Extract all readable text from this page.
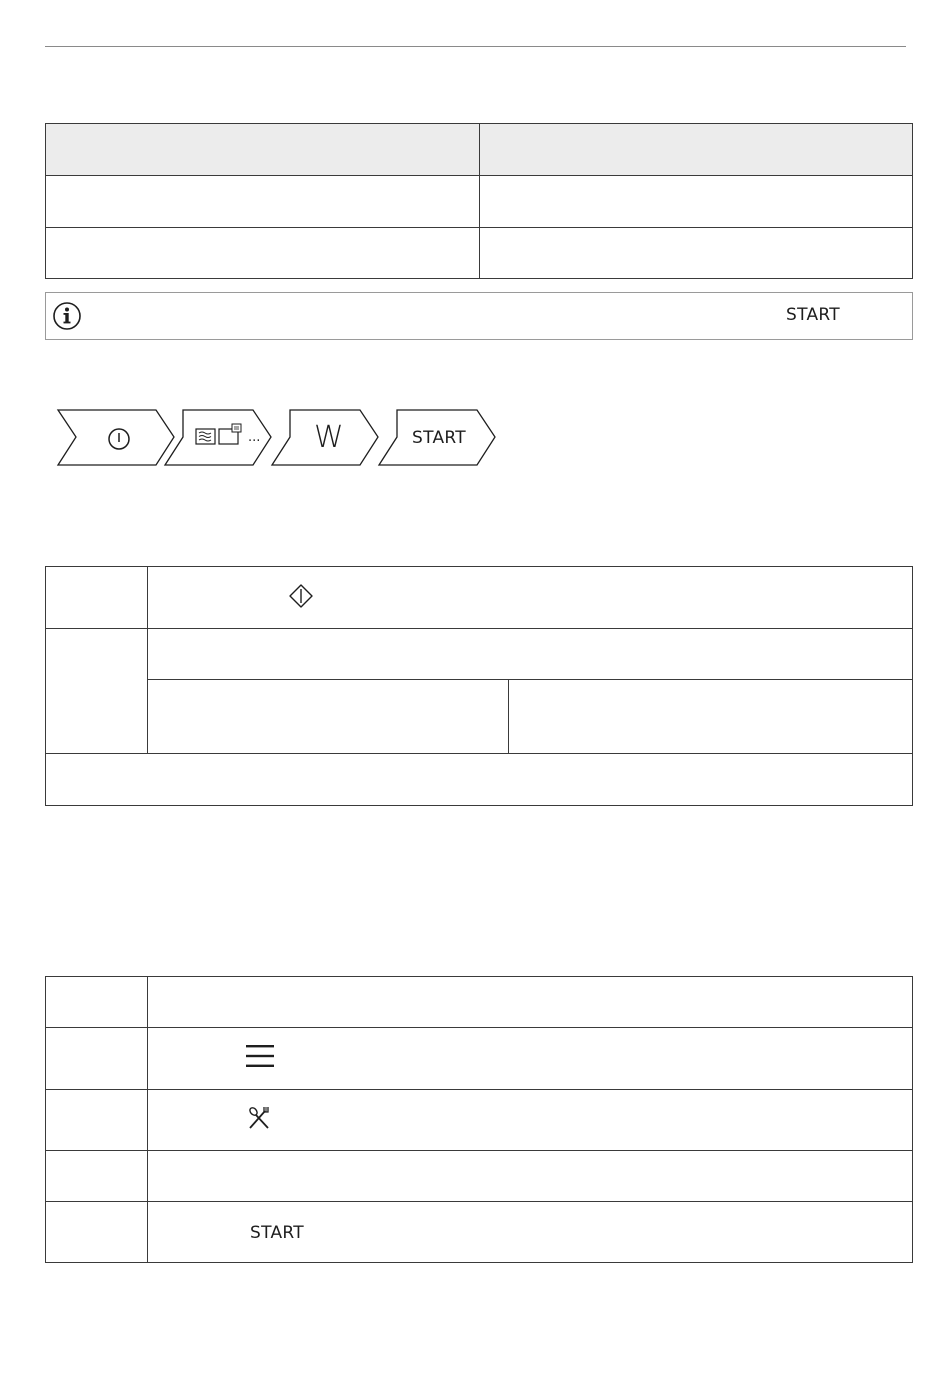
START
... W	START
START
